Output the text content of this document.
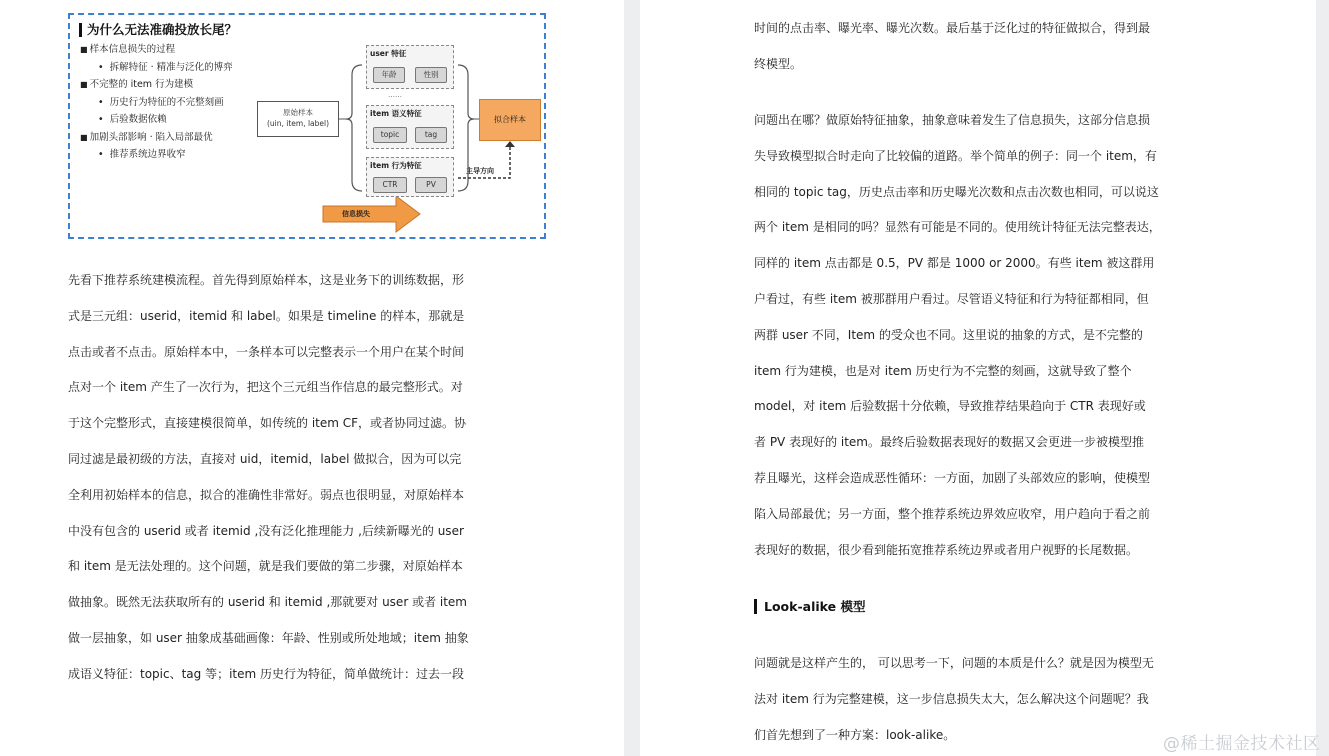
为什么无法准确投放长尾？
■ 样本信息损失的过程
• 拆解特征 · 精准与泛化的博弈
■ 不完整的 item 行为建模
• 历史行为特征的不完整刻画
• 后验数据依赖
■ 加剧头部影响 · 陷入局部最优
• 推荐系统边界收窄
原始样本
(uin, item, label)
user 特征
年龄	性别
……
item 语义特征
topic	tag
item 行为特征
CTR	PV
拟合样本
主导方向
信息损失
先看下推荐系统建模流程。首先得到原始样本，这是业务下的训练数据，形
式是三元组：userid，itemid 和 label。如果是 timeline 的样本，那就是
点击或者不点击。原始样本中，一条样本可以完整表示一个用户在某个时间
点对一个 item 产生了一次行为，把这个三元组当作信息的最完整形式。对
于这个完整形式，直接建模很简单，如传统的 item CF，或者协同过滤。协
同过滤是最初级的方法，直接对 uid，itemid，label 做拟合，因为可以完
全利用初始样本的信息，拟合的准确性非常好。弱点也很明显，对原始样本
中没有包含的 userid 或者 itemid ,没有泛化推理能力 ,后续新曝光的 user
和 item 是无法处理的。这个问题，就是我们要做的第二步骤，对原始样本
做抽象。既然无法获取所有的 userid 和 itemid ,那就要对 user 或者 item
做一层抽象，如 user 抽象成基础画像：年龄、性别或所处地域；item 抽象
成语义特征：topic、tag 等；item 历史行为特征，简单做统计：过去一段
时间的点击率、曝光率、曝光次数。最后基于泛化过的特征做拟合，得到最
终模型。
问题出在哪？做原始特征抽象，抽象意味着发生了信息损失，这部分信息损
失导致模型拟合时走向了比较偏的道路。举个简单的例子：同一个 item，有
相同的 topic tag，历史点击率和历史曝光次数和点击次数也相同，可以说这
两个 item 是相同的吗？显然有可能是不同的。使用统计特征无法完整表达，
同样的 item 点击都是 0.5，PV 都是 1000 or 2000。有些 item 被这群用
户看过，有些 item 被那群用户看过。尽管语义特征和行为特征都相同，但
两群 user 不同，Item 的受众也不同。这里说的抽象的方式，是不完整的
item 行为建模，也是对 item 历史行为不完整的刻画，这就导致了整个
model，对 item 后验数据十分依赖，导致推荐结果趋向于 CTR 表现好或
者 PV 表现好的 item。最终后验数据表现好的数据又会更进一步被模型推
荐且曝光，这样会造成恶性循环：一方面，加剧了头部效应的影响，使模型
陷入局部最优；另一方面，整个推荐系统边界效应收窄，用户趋向于看之前
表现好的数据，很少看到能拓宽推荐系统边界或者用户视野的长尾数据。
Look-alike 模型
问题就是这样产生的， 可以思考一下，问题的本质是什么？就是因为模型无
法对 item 行为完整建模，这一步信息损失太大，怎么解决这个问题呢？我
们首先想到了一种方案：look-alike。	@稀土掘金技术社区
